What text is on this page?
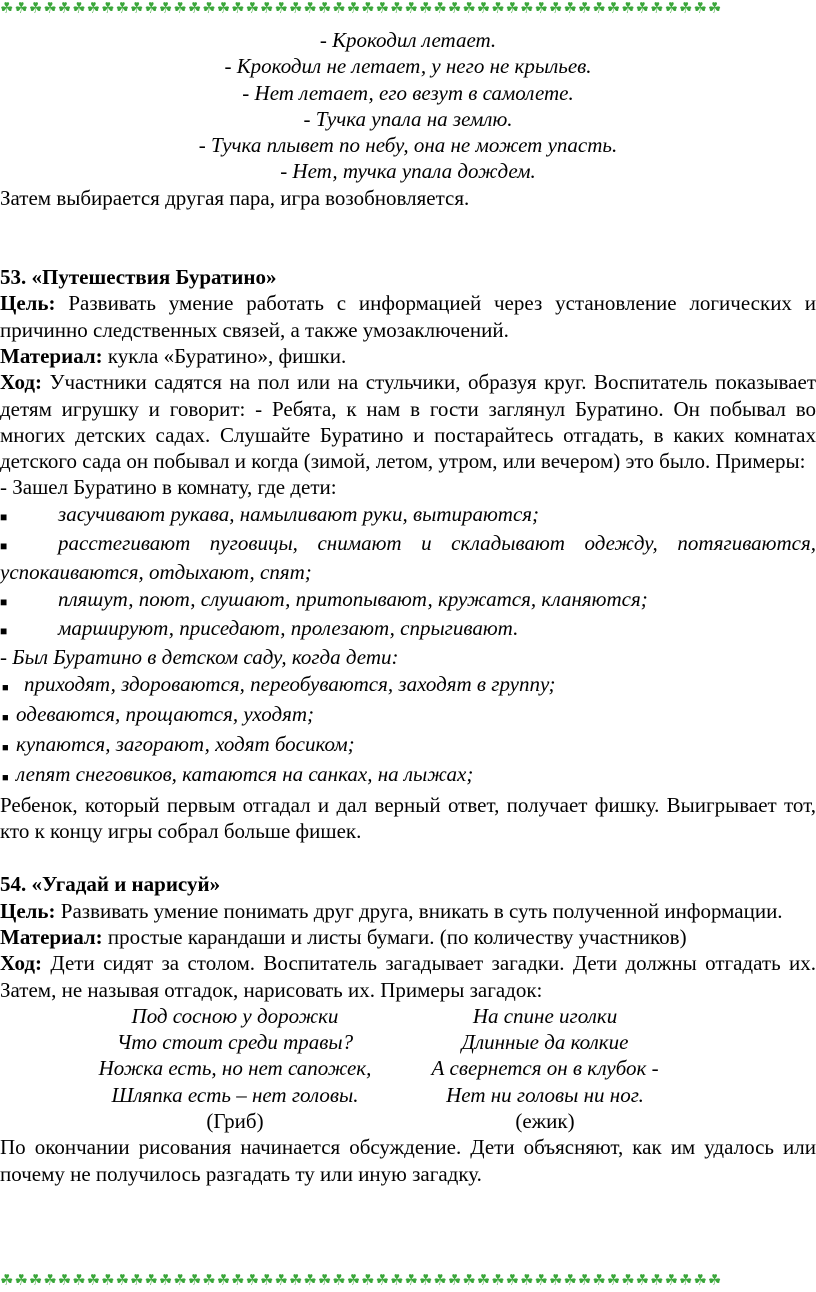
☘☘☘☘☘☘☘☘☘☘☘☘☘☘☘☘☘☘☘☘☘☘☘☘☘☘☘☘☘☘☘☘☘☘☘☘☘☘☘☘☘☘☘☘☘☘☘☘☘☘

- Крокодил летает.

- Крокодил не летает, у него не крыльев.

- Нет летает, его везут в самолете.

- Тучка упала на землю.

- Тучка плывет по небу, она не может упасть.

- Нет, тучка упала дождем.

Затем выбирается другая пара, игра возобновляется.

53. «Путешествия Буратино»

Цель: Развивать умение работать с информацией через установление логических и причинно следственных связей, а также умозаключений.

Материал: кукла «Буратино», фишки.

Ход: Участники садятся на пол или на стульчики, образуя круг. Воспитатель показывает детям игрушку и говорит: - Ребята, к нам в гости заглянул Буратино. Он побывал во многих детских садах. Слушайте Буратино и постарайтесь отгадать, в каких комнатах детского сада он побывал и когда (зимой, летом, утром, или вечером) это было. Примеры:

- Зашел Буратино в комнату, где дети:

■	засучивают рукава, намыливают руки, вытираются;
■ расстегивают пуговицы, снимают и складывают одежду, потягиваются, успокаиваются, отдыхают, спят;
■	пляшут, поют, слушают, притопывают, кружатся, кланяются;
■	маршируют, приседают, пролезают, спрыгивают.

- Был Буратино в детском саду, когда дети:

■ приходят, здороваются, переобуваются, заходят в группу;
■ одеваются, прощаются, уходят;
■ купаются, загорают, ходят босиком;
■ лепят снеговиков, катаются на санках, на лыжах;

Ребенок, который первым отгадал и дал верный ответ, получает фишку. Выигрывает тот, кто к концу игры собрал больше фишек.

54. «Угадай и нарисуй»

Цель: Развивать умение понимать друг друга, вникать в суть полученной информации.

Материал: простые карандаши и листы бумаги. (по количеству участников)

Ход: Дети сидят за столом. Воспитатель загадывает загадки. Дети должны отгадать их. Затем, не называя отгадок, нарисовать их. Примеры загадок:

Под сосною у дорожки	На спине иголки
Что стоит среди травы?	Длинные да колкие
Ножка есть, но нет сапожек,	А свернется он в клубок -
Шляпка есть – нет головы.	Нет ни головы ни ног.
(Гриб)	(ежик)

По окончании рисования начинается обсуждение. Дети объясняют, как им удалось или почему не получилось разгадать ту или иную загадку.

☘☘☘☘☘☘☘☘☘☘☘☘☘☘☘☘☘☘☘☘☘☘☘☘☘☘☘☘☘☘☘☘☘☘☘☘☘☘☘☘☘☘☘☘☘☘☘☘☘☘
